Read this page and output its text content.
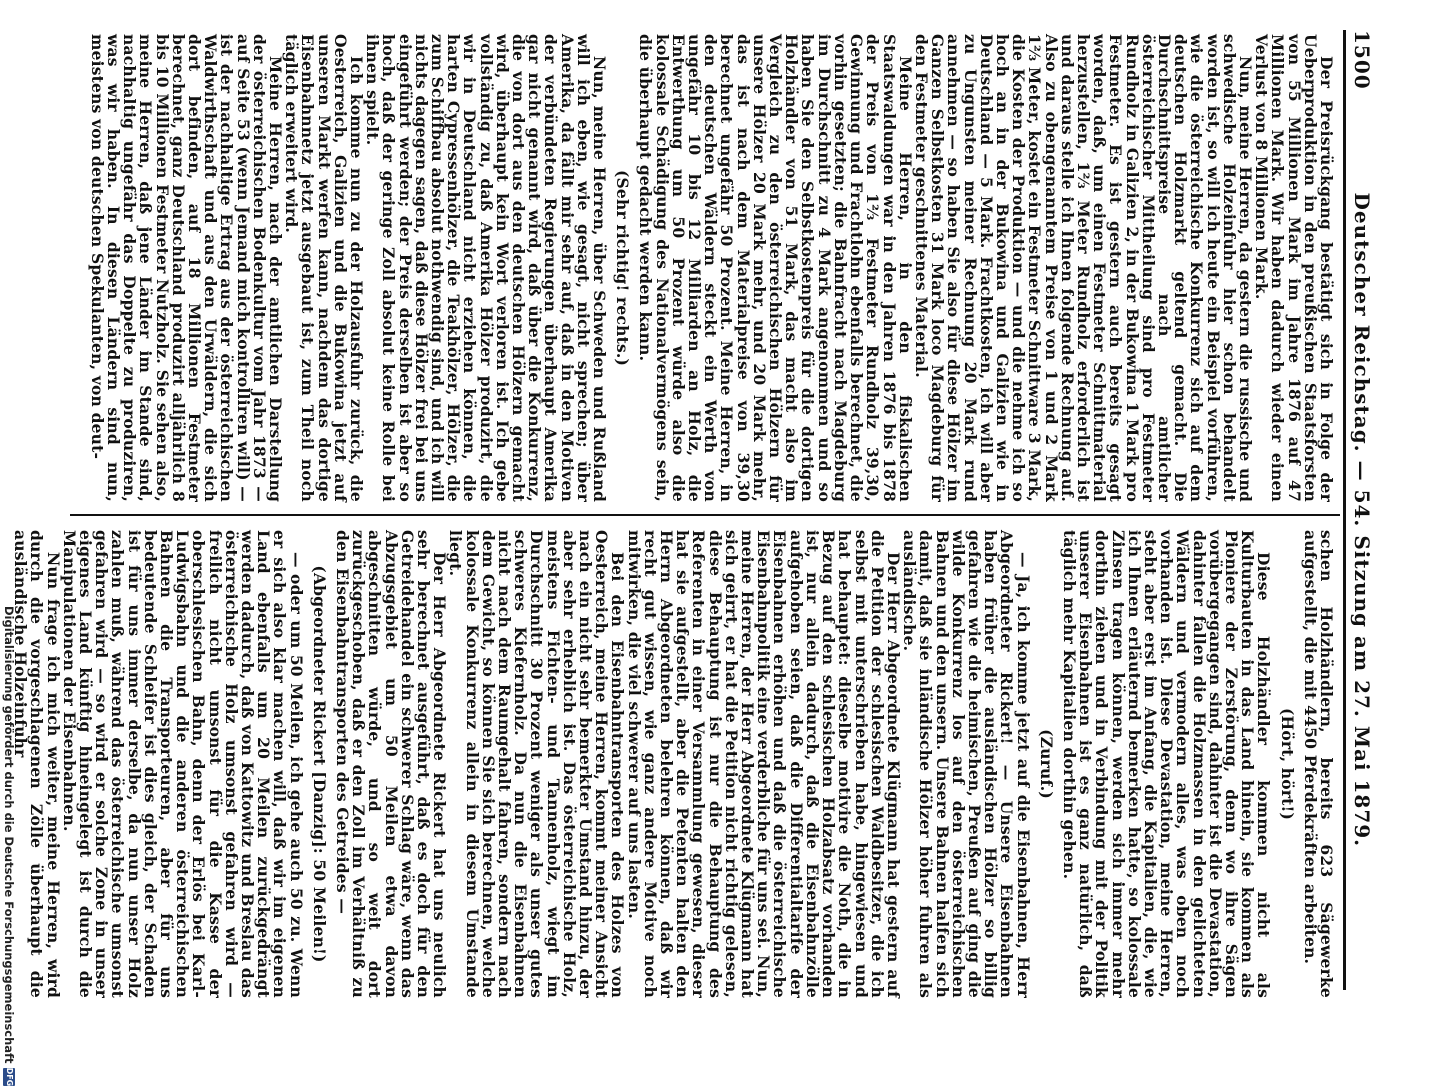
1500
Deutscher Reichstag. — 54. Sitzung am 27. Mai 1879.

Der Preisrückgang bestätigt sich in Folge der Ueberproduktion in den preußischen Staatsforsten von 55 Millionen Mark im Jahre 1876 auf 47 Millionen Mark. Wir haben dadurch wieder einen Verlust von 8 Millionen Mark.

Nun, meine Herren, da gestern die russische und schwedische Holzeinfuhr hier schon behandelt worden ist, so will ich heute ein Beispiel vorführen, wie die österreichische Konkurrenz sich auf dem deutschen Holzmarkt geltend gemacht. Die Durchschnittspreise nach amtlicher österreichischer Mittheilung sind pro Festmeter Rundholz in Galizien 2, in der Bukowina 1 Mark pro Festmeter. Es ist gestern auch bereits gesagt worden, daß, um einen Festmeter Schnittmaterial herzustellen, 1⅔ Meter Rundholz erforderlich ist und daraus stelle ich Ihnen folgende Rechnung auf. Also zu obengenanntem Preise von 1 und 2 Mark 1⅔ Meter, kostet ein Festmeter Schnittware 3 Mark, die Kosten der Produktion — und die nehme ich so hoch an in der Bukowina und Galizien wie in Deutschland — 5 Mark. Frachtkosten, ich will aber zu Ungunsten meiner Rechnung 20 Mark rund annehmen — so haben Sie also für diese Hölzer im Ganzen Selbstkosten 31 Mark loco Magdeburg für den Festmeter geschnittenes Material.

Meine Herren, in den fiskalischen Staatswaldungen war in den Jahren 1876 bis 1878 der Preis von 1⅔ Festmeter Rundholz 39,30, Gewinnung und Frachtlohn ebenfalls berechnet, die vorhin gesetzten; die Bahnfracht nach Magdeburg im Durchschnitt zu 4 Mark angenommen und so haben Sie den Selbstkostenpreis für die dortigen Holzhändler von 51 Mark, das macht also im Vergleich zu den österreichischen Hölzern für unsere Hölzer 20 Mark mehr, und 20 Mark mehr, das ist nach dem Materialpreise von 39,30 berechnet ungefähr 50 Prozent. Meine Herren, in den deutschen Wäldern steckt ein Werth von ungefähr 10 bis 12 Milliarden an Holz, die Entwerthung um 50 Prozent würde also die kolossale Schädigung des Nationalvermögens sein, die überhaupt gedacht werden kann.

(Sehr richtig! rechts.)

Nun, meine Herren, über Schweden und Rußland will ich eben, wie gesagt, nicht sprechen; über Amerika, da fällt mir sehr auf, daß in den Motiven der verbündeten Regierungen überhaupt Amerika gar nicht genannt wird, daß über die Konkurrenz, die von dort aus den deutschen Hölzern gemacht wird, überhaupt kein Wort verloren ist. Ich gebe vollständig zu, daß Amerika Hölzer produzirt, die wir in Deutschland nicht erziehen können, die harten Cypressenhölzer, die Teakhölzer, Hölzer, die zum Schiffbau absolut nothwendig sind, und ich will nichts dagegen sagen, daß diese Hölzer frei bei uns eingeführt werden; der Preis derselben ist aber so hoch, daß der geringe Zoll absolut keine Rolle bei ihnen spielt.

Ich komme nun zu der Holzausfuhr zurück, die Oesterreich, Galizien und die Bukowina jetzt auf unseren Markt werfen kann, nachdem das dortige Eisenbahnnetz jetzt ausgebaut ist, zum Theil noch täglich erweitert wird.

Meine Herren, nach der amtlichen Darstellung der österreichischen Bodenkultur vom Jahr 1873 — auf Seite 53 (wenn Jemand mich kontrolliren will) — ist der nachhaltige Ertrag aus der österreichischen Waldwirthschaft und aus den Urwäldern, die sich dort befinden, auf 18 Millionen Festmeter berechnet, ganz Deutschland produzirt alljährlich 8 bis 10 Millionen Festmeter Nutzholz. Sie sehen also, meine Herren, daß jene Länder im Stande sind, nachhaltig ungefähr das Doppelte zu produziren, was wir haben. In diesen Ländern sind nun, meistens von deutschen Spekulanten, von deut-

schen Holzhändlern, bereits 623 Sägewerke aufgestellt, die mit 4450 Pferdekräften arbeiten.

(Hört, hört!)

Diese Holzhändler kommen nicht als Kulturbauten in das Land hinein, sie kommen als Pioniere der Zerstörung, denn wo ihre Sägen vorübergegangen sind, dahinter ist die Devastation, dahinter fallen die Holzmassen in den gelichteten Wäldern und vermodern alles, was oben noch vorhanden ist. Diese Devastation, meine Herren, steht aber erst im Anfang, die Kapitalien, die, wie ich Ihnen erläuternd bemerken hatte, so kolossale Zinsen tragen können, werden sich immer mehr dorthin ziehen und in Verbindung mit der Politik unserer Eisenbahnen ist es ganz natürlich, daß täglich mehr Kapitalien dorthin gehen.

(Zuruf.)

— Ja, ich komme jetzt auf die Eisenbahnen, Herr Abgeordneter Rickert! — Unsere Eisenbahnen haben früher die ausländischen Hölzer so billig gefahren wie die heimischen, Preußen auf ging die wilde Konkurrenz los auf den österreichischen Bahnen und den unsern. Unsere Bahnen halfen sich damit, daß sie inländische Hölzer höher fuhren als ausländische.

Der Herr Abgeordnete Klügmann hat gestern auf die Petition der schlesischen Waldbesitzer, die ich selbst mit unterschrieben habe, hingewiesen und hat behauptet: dieselbe motivire die Noth, die in Bezug auf den schlesischen Holzabsatz vorhanden ist, nur allein dadurch, daß die Eisenbahnzölle aufgehoben seien, daß die Differentialtarife der Eisenbahnen erhöhen und daß die österreichische Eisenbahnpolitik eine verderbliche für uns sei. Nun, meine Herren, der Herr Abgeordnete Klügmann hat sich geirrt, er hat die Petition nicht richtig gelesen, diese Behauptung ist nur die Behauptung des Referenten in einer Versammlung gewesen, dieser hat sie aufgestellt, aber die Petenten halten den Herrn Abgeordneten belehren können, daß wir recht gut wissen, wie ganz andere Motive noch mitwirken, die viel schwerer auf uns lasten.

Bei den Eisenbahntransporten des Holzes von Oesterreich, meine Herren, kommt meiner Ansicht nach ein nicht sehr bemerkter Umstand hinzu, der aber sehr erheblich ist. Das österreichische Holz, meistens Fichten- und Tannenholz, wiegt im Durchschnitt 30 Prozent weniger als unser gutes schweres Kiefernholz. Da nun die Eisenbahnen nicht nach dem Raumgehalt fahren, sondern nach dem Gewicht, so können Sie sich berechnen, welche kolossale Konkurrenz allein in diesem Umstande liegt.

Der Herr Abgeordnete Rickert hat uns neulich sehr berechnet ausgeführt, daß es doch für den Getreidehandel ein schwerer Schlag wäre, wenn das Abzugsgebiet um 50 Meilen etwa davon abgeschnitten würde, und so weit dort zurückgeschoben, daß er den Zoll im Verhältniß zu den Eisenbahntransporten des Getreides —

(Abgeordneter Rickert [Danzig]: 50 Meilen!)

— oder um 50 Meilen, ich gehe auch 50 zu. Wenn er sich also klar machen will, daß wir im eigenen Land ebenfalls um 20 Meilen zurückgedrängt werden dadurch, daß von Kattowitz und Breslau das österreichische Holz umsonst gefahren wird — freilich nicht umsonst für die Kasse der oberschlesischen Bahn, denn der Erlös bei Karl-Ludwigsbahn und die anderen österreichischen Bahnen die Transporteuren, aber für uns bedeutende Schleifer ist dies gleich, der Schaden ist für uns immer derselbe, da nun unser Holz zahlen muß, während das österreichische umsonst gefahren wird — so wird er solche Zone in unser eigenes Land künftig hineingelegt ist durch die Manipulationen der Eisenbahnen.

Nun frage ich mich weiter, meine Herren, wird durch die vorgeschlagenen Zölle überhaupt die ausländische Holzeinfuhr

Digitalisierung gefördert durch die Deutsche Forschungsgemeinschaft
DFG
